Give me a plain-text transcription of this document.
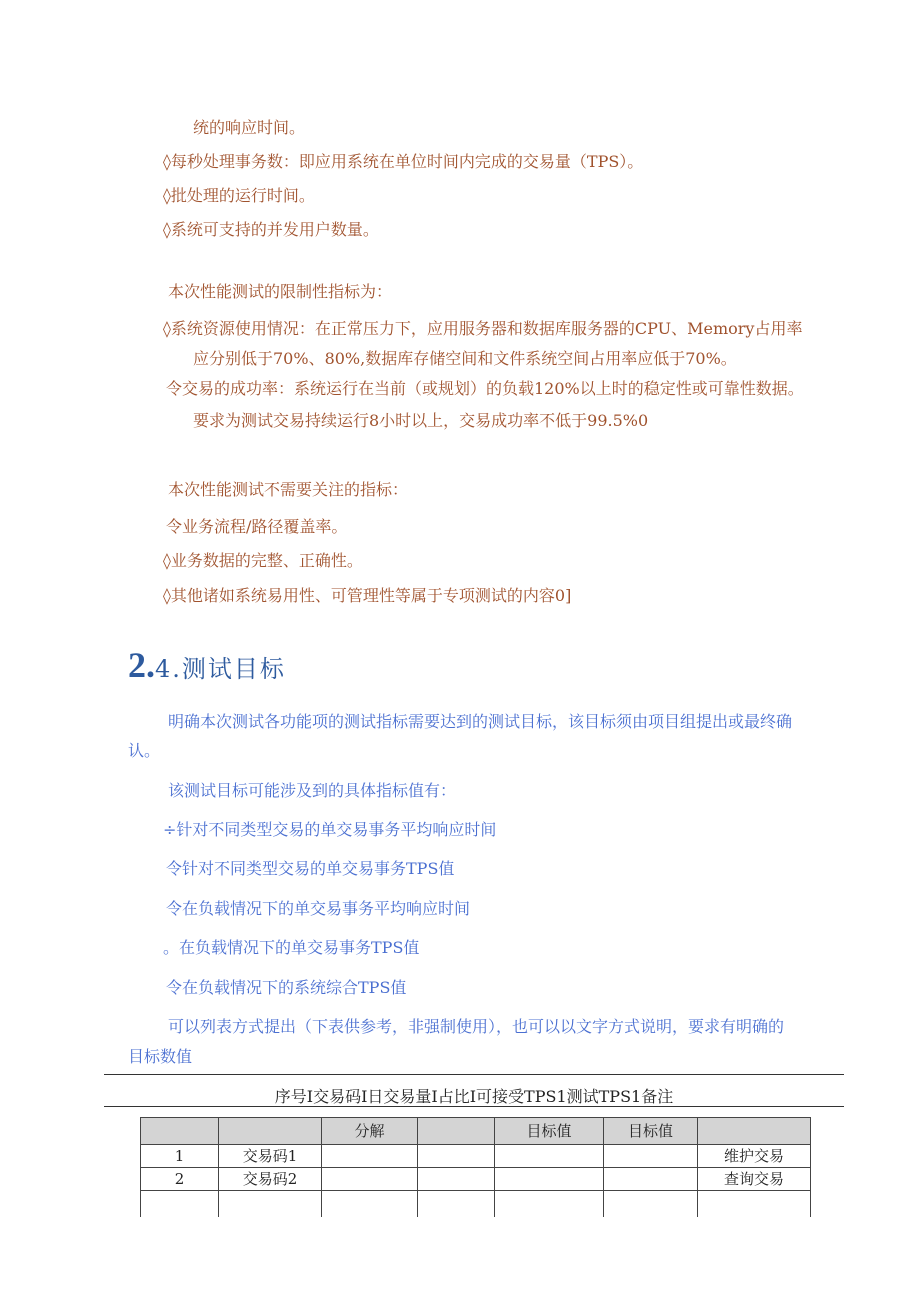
统的响应时间。
◊每秒处理事务数：即应用系统在单位时间内完成的交易量（TPS）。
◊批处理的运行时间。
◊系统可支持的并发用户数量。
本次性能测试的限制性指标为：
◊系统资源使用情况：在正常压力下，应用服务器和数据库服务器的CPU、Memory占用率
应分别低于70%、80%,数据库存储空间和文件系统空间占用率应低于70%。
令交易的成功率：系统运行在当前（或规划）的负载120%以上时的稳定性或可靠性数据。
要求为测试交易持续运行8小时以上，交易成功率不低于99.5%0
本次性能测试不需要关注的指标：
令业务流程/路径覆盖率。
◊业务数据的完整、正确性。
◊其他诸如系统易用性、可管理性等属于专项测试的内容0]
2.4.测试目标
明确本次测试各功能项的测试指标需要达到的测试目标，该目标须由项目组提出或最终确
认。
该测试目标可能涉及到的具体指标值有：
÷针对不同类型交易的单交易事务平均响应时间
令针对不同类型交易的单交易事务TPS值
令在负载情况下的单交易事务平均响应时间
。在负载情况下的单交易事务TPS值
令在负载情况下的系统综合TPS值
可以列表方式提出（下表供参考，非强制使用），也可以以文字方式说明，要求有明确的
目标数值
序号I交易码I日交易量I占比I可接受TPS1测试TPS1备注
		分解		目标值	目标值	
1	交易码1					维护交易
2	交易码2					查询交易
